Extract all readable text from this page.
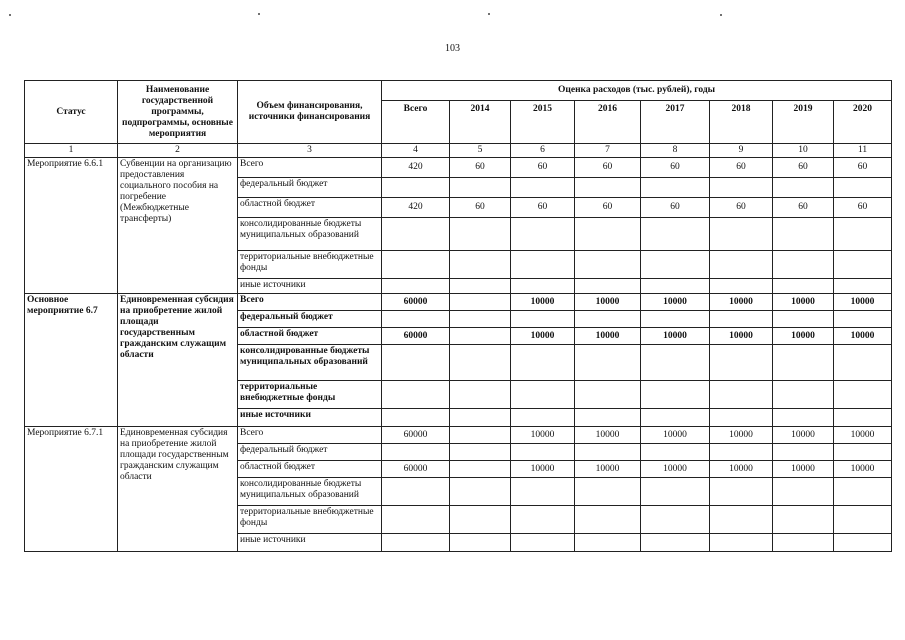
103
Статус	Наименование государственной программы, подпрограммы, основные мероприятия	Объем финансирования, источники финансирования	Оценка расходов (тыс. рублей), годы							
			Всего	2014	2015	2016	2017	2018	2019	2020
1	2	3	4	5	6	7	8	9	10	11
Мероприятие 6.6.1	Субвенции на организацию предоставления социального пособия на погребение (Межбюджетные трансферты)	Всего	420	60	60	60	60	60	60	60
		федеральный бюджет								
		областной бюджет	420	60	60	60	60	60	60	60
		консолидированные бюджеты муниципальных образований								
		территориальные внебюджетные фонды								
		иные источники								
Основное мероприятие 6.7	Единовременная субсидия на приобретение жилой площади государственным гражданским служащим области	Всего	60000		10000	10000	10000	10000	10000	10000
		федеральный бюджет								
		областной бюджет	60000		10000	10000	10000	10000	10000	10000
		консолидированные бюджеты муниципальных образований								
		территориальные внебюджетные фонды								
		иные источники								
Мероприятие 6.7.1	Единовременная субсидия на приобретение жилой площади государственным гражданским служащим области	Всего	60000		10000	10000	10000	10000	10000	10000
		федеральный бюджет								
		областной бюджет	60000		10000	10000	10000	10000	10000	10000
		консолидированные бюджеты муниципальных образований								
		территориальные внебюджетные фонды								
		иные источники								
